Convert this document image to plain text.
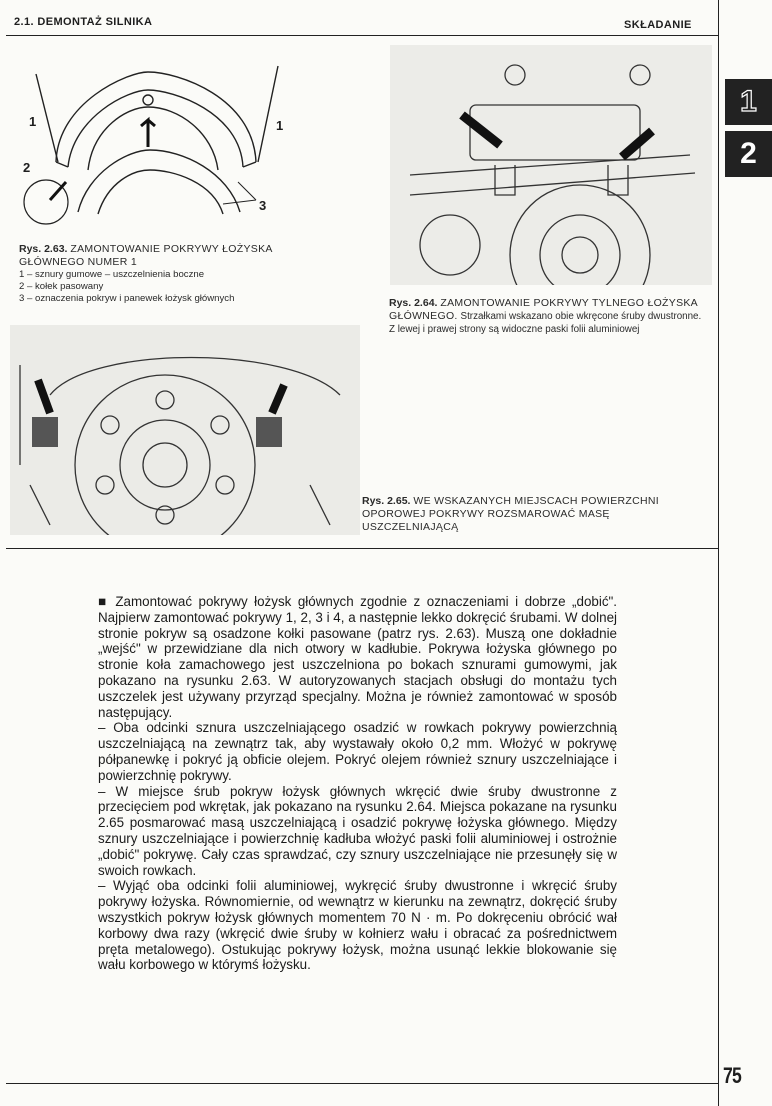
2.1. DEMONTAŻ SILNIKA	SKŁADANIE
1
2
1	1
2
3
Rys. 2.63. ZAMONTOWANIE POKRYWY ŁOŻYSKA
GŁÓWNEGO NUMER 1
1 – sznury gumowe – uszczelnienia boczne
2 – kołek pasowany
3 – oznaczenia pokryw i panewek łożysk głównych	Rys. 2.64. ZAMONTOWANIE POKRYWY TYLNEGO ŁOŻYSKA GŁÓWNEGO. Strzałkami wskazano obie wkręcone śruby dwustronne. Z lewej i prawej strony są widoczne paski folii aluminiowej
Rys. 2.65. WE WSKAZANYCH MIEJSCACH POWIERZCHNI OPOROWEJ POKRYWY ROZSMAROWAĆ MASĘ USZCZELNIAJĄCĄ

■ Zamontować pokrywy łożysk głównych zgodnie z oznaczeniami i dobrze „dobić". Najpierw zamontować pokrywy 1, 2, 3 i 4, a następnie lekko dokręcić śrubami. W dolnej stronie pokryw są osadzone kołki pasowane (patrz rys. 2.63). Muszą one dokładnie „wejść" w przewidziane dla nich otwory w kadłubie. Pokrywa łożyska głównego po stronie koła zamachowego jest uszczelniona po bokach sznurami gumowymi, jak pokazano na rysunku 2.63. W autoryzowanych stacjach obsługi do montażu tych uszczelek jest używany przyrząd specjalny. Można je również zamontować w sposób następujący.

– Oba odcinki sznura uszczelniającego osadzić w rowkach pokrywy powierzchnią uszczelniającą na zewnątrz tak, aby wystawały około 0,2 mm. Włożyć w pokrywę półpanewkę i pokryć ją obficie olejem. Pokryć olejem również sznury uszczelniające i powierzchnię pokrywy.

– W miejsce śrub pokryw łożysk głównych wkręcić dwie śruby dwustronne z przecięciem pod wkrętak, jak pokazano na rysunku 2.64. Miejsca pokazane na rysunku 2.65 posmarować masą uszczelniającą i osadzić pokrywę łożyska głównego. Między sznury uszczelniające i powierzchnię kadłuba włożyć paski folii aluminiowej i ostrożnie „dobić" pokrywę. Cały czas sprawdzać, czy sznury uszczelniające nie przesunęły się w swoich rowkach.

– Wyjąć oba odcinki folii aluminiowej, wykręcić śruby dwustronne i wkręcić śruby pokrywy łożyska. Równomiernie, od wewnątrz w kierunku na zewnątrz, dokręcić śruby wszystkich pokryw łożysk głównych momentem 70 N · m. Po dokręceniu obrócić wał korbowy dwa razy (wkręcić dwie śruby w kołnierz wału i obracać za pośrednictwem pręta metalowego). Ostukując pokrywy łożysk, można usunąć lekkie blokowanie się wału korbowego w którymś łożysku.

75
